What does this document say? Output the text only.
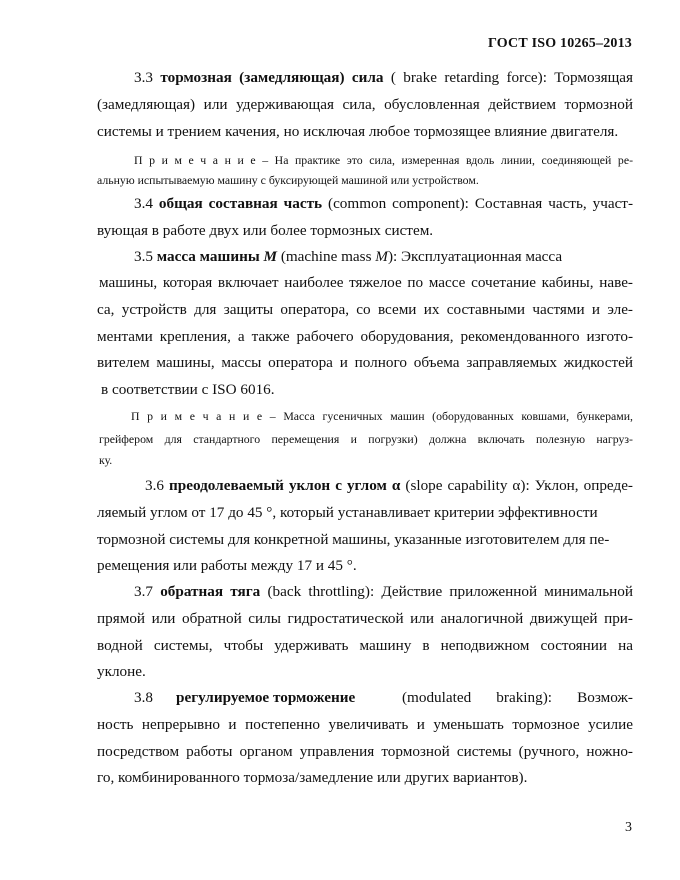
ГОСТ ISO 10265–2013
3.3 тормозная (замедляющая) сила ( brake retarding force): Тормозящая
(замедляющая) или удерживающая сила, обусловленная действием тормозной
системы и трением качения, но исключая любое тормозящее влияние двигателя.
П р и м е ч а н и е – На практике это сила, измеренная вдоль линии, соединяющей ре-
альную испытываемую машину с буксирующей машиной или устройством.
3.4 общая составная часть (common component): Составная часть, участ-
вующая в работе двух или более тормозных систем.
3.5 масса машины M (machine mass M): Эксплуатационная масса
машины, которая включает наиболее тяжелое по массе сочетание кабины, наве-
са, устройств для защиты оператора, со всеми их составными частями и эле-
ментами крепления, а также рабочего оборудования, рекомендованного изгото-
вителем машины, массы оператора и полного объема заправляемых жидкостей
в соответствии с ISO 6016.
П р и м е ч а н и е – Масса гусеничных машин (оборудованных ковшами, бункерами,
грейфером для стандартного перемещения и погрузки) должна включать полезную нагруз-
ку.
3.6 преодолеваемый уклон с углом α (slope capability α): Уклон, опреде-
ляемый углом от 17 до 45 °, который устанавливает критерии эффективности
тормозной системы для конкретной машины, указанные изготовителем для пе-
ремещения или работы между 17 и 45 °.
3.7 обратная тяга (back throttling): Действие приложенной минимальной
прямой или обратной силы гидростатической или аналогичной движущей при-
водной системы, чтобы удерживать машину в неподвижном состоянии на
уклоне.
3.8	регулируемое торможение	(modulated braking): Возмож-
ность непрерывно и постепенно увеличивать и уменьшать тормозное усилие
посредством работы органом управления тормозной системы (ручного, ножно-
го, комбинированного тормоза/замедление или других вариантов).
3
